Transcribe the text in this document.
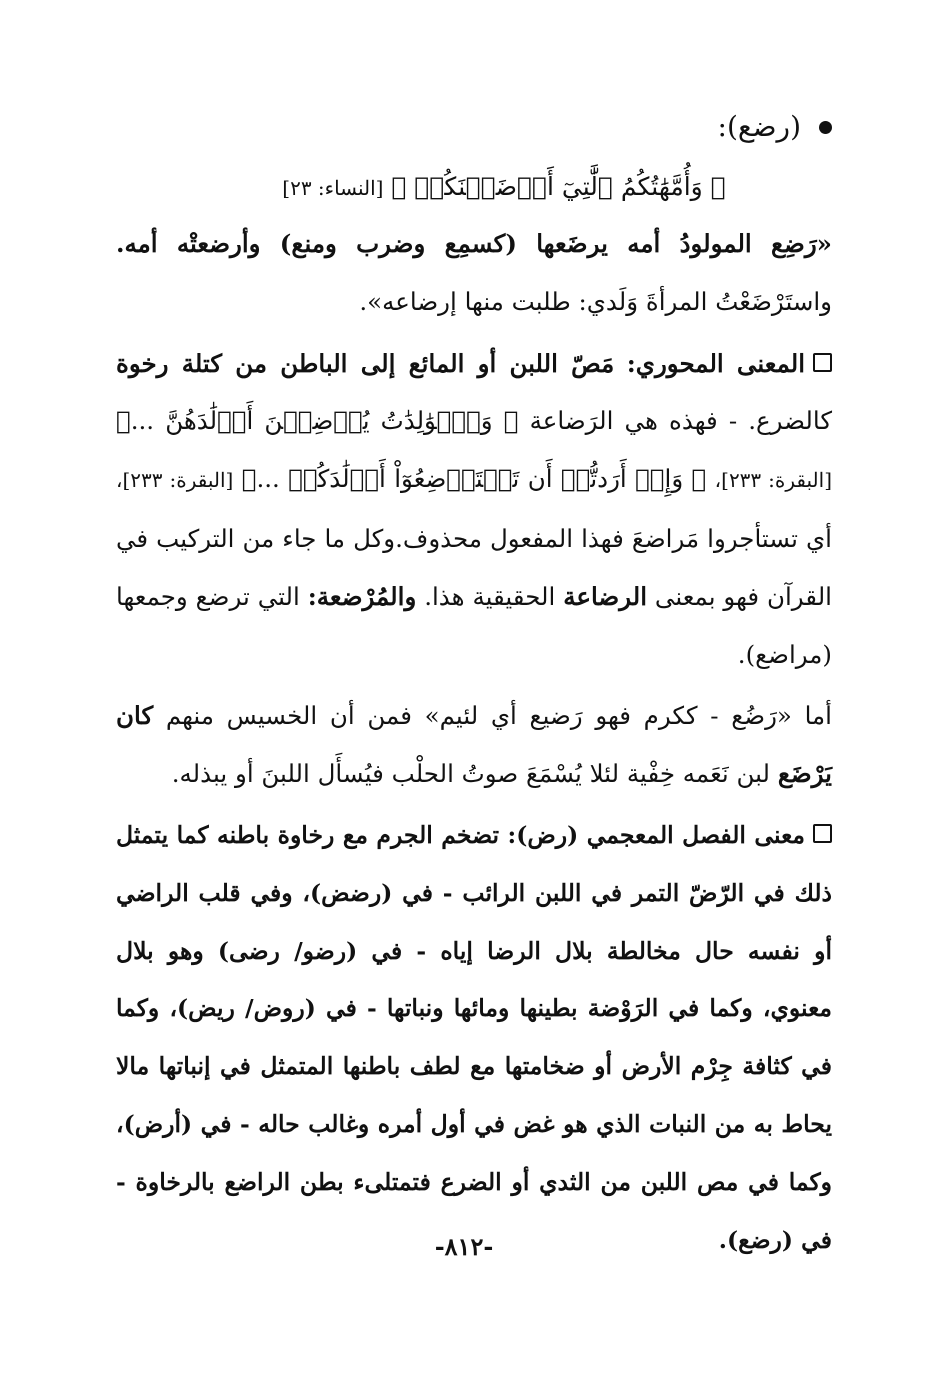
(رضع):
﴿ وَأُمَّهَٰتُكُمُ ٱلَّٰتِيٓ أَرۡضَعۡنَكُمۡ ﴾ [النساء: ٢٣]

«رَضِع المولودُ أمه يرضَعها (كسمِع وضرب ومنع) وأرضعتْه أمه. واستَرْضَعْتُ المرأةَ وَلَدي: طلبت منها إرضاعه».

المعنى المحوري: مَصّ اللبن أو المائع إلى الباطن من كتلة رخوة كالضرع. - فهذه هي الرَضاعة ﴿ وَٱلۡوَٰلِدَٰتُ يُرۡضِعۡنَ أَوۡلَٰدَهُنَّ ...﴾ [البقرة: ٢٣٣]، ﴿ وَإِنۡ أَرَدتُّمۡ أَن تَسۡتَرۡضِعُوٓاْ أَوۡلَٰدَكُمۡ ...﴾ [البقرة: ٢٣٣]، أي تستأجروا مَراضعَ فهذا المفعول محذوف.وكل ما جاء من التركيب في القرآن فهو بمعنى الرضاعة الحقيقية هذا. والمُرْضعة: التي ترضع وجمعها (مراضع).

أما «رَضُع - ككرم فهو رَضيع أي لئيم» فمن أن الخسيس منهم كان يَرْضَع لبن نَعَمه خِفْية لئلا يُسْمَعَ صوتُ الحلْب فيُسأَل اللبنَ أو يبذله.

معنى الفصل المعجمي (رض): تضخم الجرم مع رخاوة باطنه كما يتمثل ذلك في الرّضّ التمر في اللبن الرائب - في (رضض)، وفي قلب الراضي أو نفسه حال مخالطة بلال الرضا إياه - في (رضو/ رضى) وهو بلال معنوي، وكما في الرَوْضة بطينها ومائها ونباتها - في (روض/ ريض)، وكما في كثافة جِرْم الأرض أو ضخامتها مع لطف باطنها المتمثل في إنباتها مالا يحاط به من النبات الذي هو غض في أول أمره وغالب حاله - في (أرض)، وكما في مص اللبن من الثدي أو الضرع فتمتلىء بطن الراضع بالرخاوة - في (رضع).

-٨١٢-
